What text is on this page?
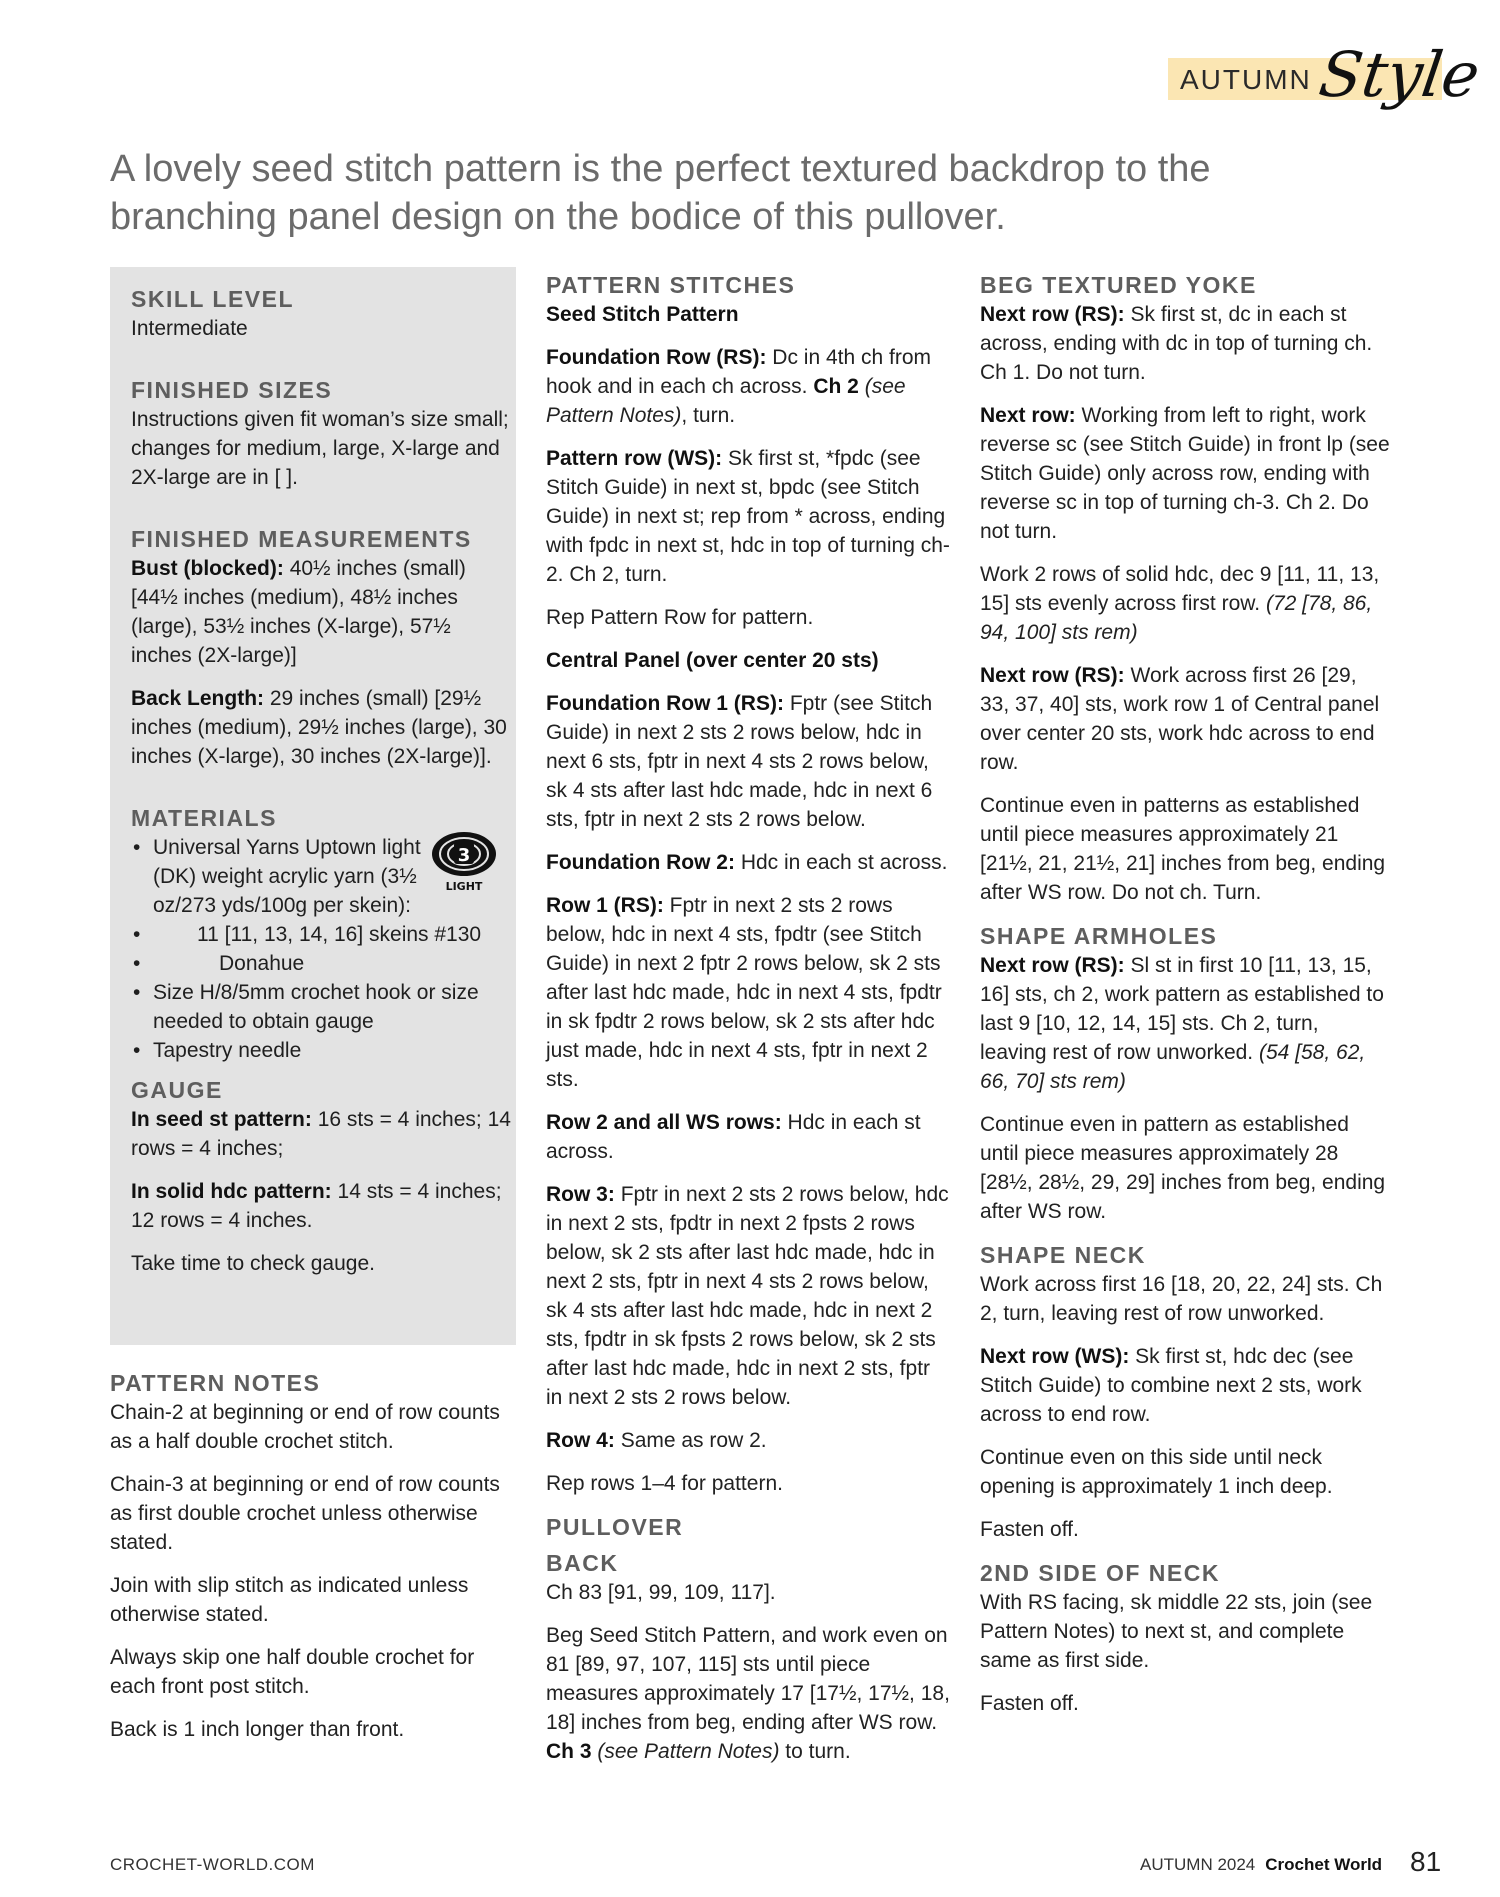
AUTUMN Style
A lovely seed stitch pattern is the perfect textured backdrop to the branching panel design on the bodice of this pullover.
SKILL LEVEL

Intermediate

FINISHED SIZES

Instructions given fit woman’s size small; changes for medium, large, X-large and 2X-large are in [ ].

FINISHED MEASUREMENTS

Bust (blocked): 40½ inches (small) [44½ inches (medium), 48½ inches (large), 53½ inches (X-large), 57½ inches (2X-large)]

Back Length: 29 inches (small) [29½ inches (medium), 29½ inches (large), 30 inches (X-large), 30 inches (2X-large)].

MATERIALS
• Universal Yarns Uptown light (DK) weight acrylic yarn (3½ oz/273 yds/100g per skein):
• 11 [11, 13, 14, 16] skeins #130
• Donahue
• Size H/8/5mm crochet hook or size needed to obtain gauge
• Tapestry needle
GAUGE

In seed st pattern: 16 sts = 4 inches; 14 rows = 4 inches;

In solid hdc pattern: 14 sts = 4 inches; 12 rows = 4 inches.

Take time to check gauge.

3
LIGHT
PATTERN NOTES

Chain-2 at beginning or end of row counts as a half double crochet stitch.

Chain-3 at beginning or end of row counts as first double crochet unless otherwise stated.

Join with slip stitch as indicated unless otherwise stated.

Always skip one half double crochet for each front post stitch.

Back is 1 inch longer than front.

PATTERN STITCHES

Seed Stitch Pattern

Foundation Row (RS): Dc in 4th ch from hook and in each ch across. Ch 2 (see Pattern Notes), turn.

Pattern row (WS): Sk first st, *fpdc (see Stitch Guide) in next st, bpdc (see Stitch Guide) in next st; rep from * across, ending with fpdc in next st, hdc in top of turning ch-2. Ch 2, turn.

Rep Pattern Row for pattern.

Central Panel (over center 20 sts)

Foundation Row 1 (RS): Fptr (see Stitch Guide) in next 2 sts 2 rows below, hdc in next 6 sts, fptr in next 4 sts 2 rows below, sk 4 sts after last hdc made, hdc in next 6 sts, fptr in next 2 sts 2 rows below.

Foundation Row 2: Hdc in each st across.

Row 1 (RS): Fptr in next 2 sts 2 rows below, hdc in next 4 sts, fpdtr (see Stitch Guide) in next 2 fptr 2 rows below, sk 2 sts after last hdc made, hdc in next 4 sts, fpdtr in sk fpdtr 2 rows below, sk 2 sts after hdc just made, hdc in next 4 sts, fptr in next 2 sts.

Row 2 and all WS rows: Hdc in each st across.

Row 3: Fptr in next 2 sts 2 rows below, hdc in next 2 sts, fpdtr in next 2 fpsts 2 rows below, sk 2 sts after last hdc made, hdc in next 2 sts, fptr in next 4 sts 2 rows below, sk 4 sts after last hdc made, hdc in next 2 sts, fpdtr in sk fpsts 2 rows below, sk 2 sts after last hdc made, hdc in next 2 sts, fptr in next 2 sts 2 rows below.

Row 4: Same as row 2.

Rep rows 1–4 for pattern.

PULLOVER
BACK

Ch 83 [91, 99, 109, 117].

Beg Seed Stitch Pattern, and work even on 81 [89, 97, 107, 115] sts until piece measures approximately 17 [17½, 17½, 18, 18] inches from beg, ending after WS row. Ch 3 (see Pattern Notes) to turn.

BEG TEXTURED YOKE

Next row (RS): Sk first st, dc in each st across, ending with dc in top of turning ch. Ch 1. Do not turn.

Next row: Working from left to right, work reverse sc (see Stitch Guide) in front lp (see Stitch Guide) only across row, ending with reverse sc in top of turning ch-3. Ch 2. Do not turn.

Work 2 rows of solid hdc, dec 9 [11, 11, 13, 15] sts evenly across first row. (72 [78, 86, 94, 100] sts rem)

Next row (RS): Work across first 26 [29, 33, 37, 40] sts, work row 1 of Central panel over center 20 sts, work hdc across to end row.

Continue even in patterns as established until piece measures approximately 21 [21½, 21, 21½, 21] inches from beg, ending after WS row. Do not ch. Turn.

SHAPE ARMHOLES

Next row (RS): Sl st in first 10 [11, 13, 15, 16] sts, ch 2, work pattern as established to last 9 [10, 12, 14, 15] sts. Ch 2, turn, leaving rest of row unworked. (54 [58, 62, 66, 70] sts rem)

Continue even in pattern as established until piece measures approximately 28 [28½, 28½, 29, 29] inches from beg, ending after WS row.

SHAPE NECK

Work across first 16 [18, 20, 22, 24] sts. Ch 2, turn, leaving rest of row unworked.

Next row (WS): Sk first st, hdc dec (see Stitch Guide) to combine next 2 sts, work across to end row.

Continue even on this side until neck opening is approximately 1 inch deep.

Fasten off.

2ND SIDE OF NECK

With RS facing, sk middle 22 sts, join (see Pattern Notes) to next st, and complete same as first side.

Fasten off.

CROCHET-WORLD.COM	AUTUMN 2024 Crochet World 81
